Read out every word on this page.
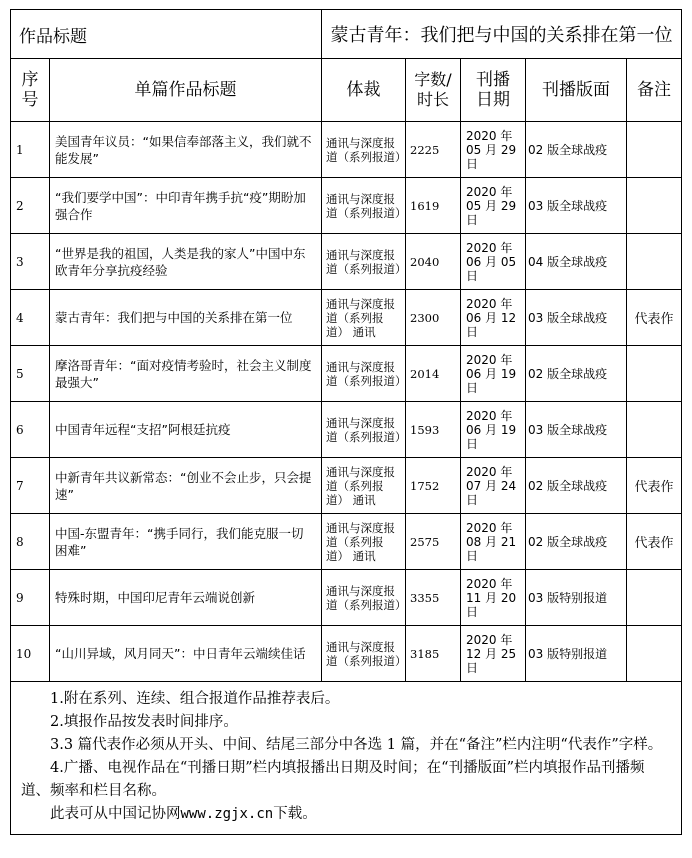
作品标题		蒙古青年：我们把与中国的关系排在第一位				

序号	单篇作品标题	体裁	字数/时长	刊播日期	刊播版面	备注
1	美国青年议员：“如果信奉部落主义，我们就不能发展”	通讯与深度报道（系列报道）	2225	2020 年 05 月 29 日	02 版全球战疫	
2	“我们要学中国”：中印青年携手抗“疫”期盼加强合作	通讯与深度报道（系列报道）	1619	2020 年 05 月 29 日	03 版全球战疫	
3	“世界是我的祖国，人类是我的家人”中国中东欧青年分享抗疫经验	通讯与深度报道（系列报道）	2040	2020 年 06 月 05 日	04 版全球战疫	
4	蒙古青年：我们把与中国的关系排在第一位	通讯与深度报道（系列报道） 通讯	2300	2020 年 06 月 12 日	03 版全球战疫	代表作
5	摩洛哥青年：“面对疫情考验时，社会主义制度最强大”	通讯与深度报道（系列报道）	2014	2020 年 06 月 19 日	02 版全球战疫	
6	中国青年远程“支招”阿根廷抗疫	通讯与深度报道（系列报道）	1593	2020 年 06 月 19 日	03 版全球战疫	
7	中新青年共议新常态：“创业不会止步，只会提速”	通讯与深度报道（系列报道） 通讯	1752	2020 年 07 月 24 日	02 版全球战疫	代表作
8	中国-东盟青年：“携手同行，我们能克服一切困难”	通讯与深度报道（系列报道） 通讯	2575	2020 年 08 月 21 日	02 版全球战疫	代表作
9	特殊时期，中国印尼青年云端说创新	通讯与深度报道（系列报道）	3355	2020 年 11 月 20 日	03 版特别报道	
10	“山川异域，风月同天”：中日青年云端续佳话	通讯与深度报道（系列报道）	3185	2020 年 12 月 25 日	03 版特别报道	

1.附在系列、连续、组合报道作品推荐表后。

2.填报作品按发表时间排序。

3.3 篇代表作必须从开头、中间、结尾三部分中各选 1 篇，并在“备注”栏内注明“代表作”字样。

4.广播、电视作品在“刊播日期”栏内填报播出日期及时间；在“刊播版面”栏内填报作品刊播频道、频率和栏目名称。

此表可从中国记协网www.zgjx.cn下载。						
